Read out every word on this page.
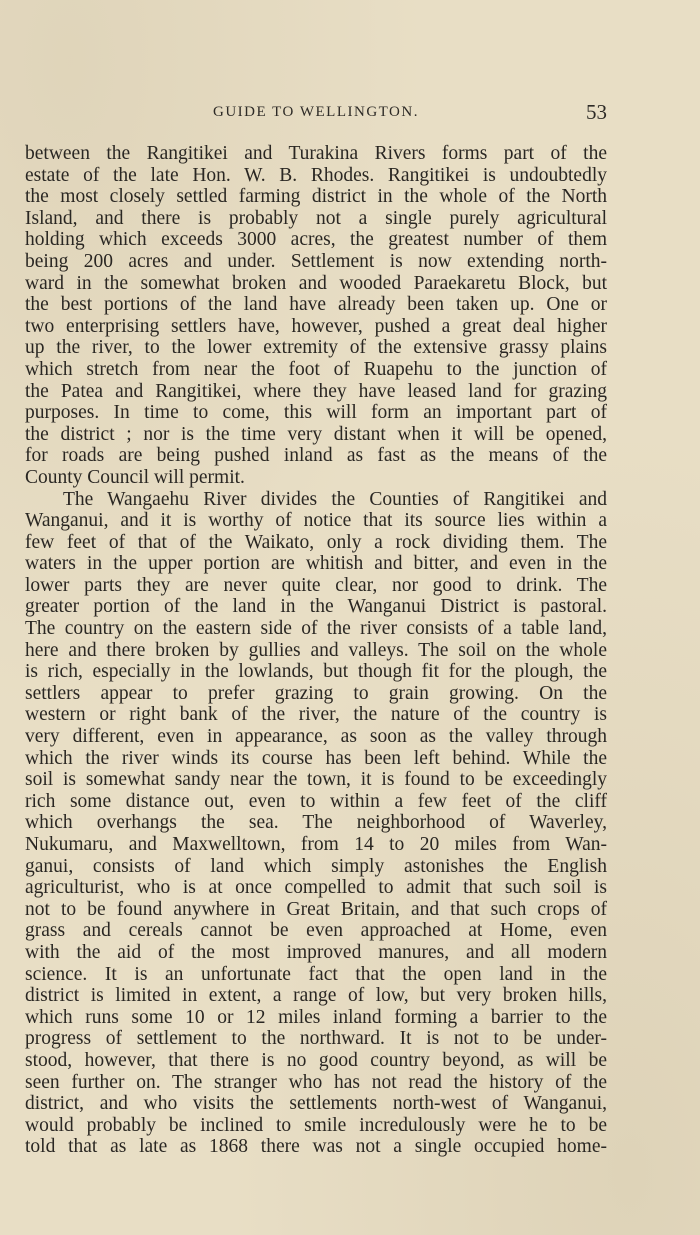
GUIDE TO WELLINGTON.	53
between the Rangitikei and Turakina Rivers forms part of the
estate of the late Hon. W. B. Rhodes. Rangitikei is undoubtedly
the most closely settled farming district in the whole of the North
Island, and there is probably not a single purely agricultural
holding which exceeds 3000 acres, the greatest number of them
being 200 acres and under. Settlement is now extending north-
ward in the somewhat broken and wooded Paraekaretu Block, but
the best portions of the land have already been taken up. One or
two enterprising settlers have, however, pushed a great deal higher
up the river, to the lower extremity of the extensive grassy plains
which stretch from near the foot of Ruapehu to the junction of
the Patea and Rangitikei, where they have leased land for grazing
purposes. In time to come, this will form an important part of
the district ; nor is the time very distant when it will be opened,
for roads are being pushed inland as fast as the means of the
County Council will permit.
The Wangaehu River divides the Counties of Rangitikei and
Wanganui, and it is worthy of notice that its source lies within a
few feet of that of the Waikato, only a rock dividing them. The
waters in the upper portion are whitish and bitter, and even in the
lower parts they are never quite clear, nor good to drink. The
greater portion of the land in the Wanganui District is pastoral.
The country on the eastern side of the river consists of a table land,
here and there broken by gullies and valleys. The soil on the whole
is rich, especially in the lowlands, but though fit for the plough, the
settlers appear to prefer grazing to grain growing. On the
western or right bank of the river, the nature of the country is
very different, even in appearance, as soon as the valley through
which the river winds its course has been left behind. While the
soil is somewhat sandy near the town, it is found to be exceedingly
rich some distance out, even to within a few feet of the cliff
which overhangs the sea. The neighborhood of Waverley,
Nukumaru, and Maxwelltown, from 14 to 20 miles from Wan-
ganui, consists of land which simply astonishes the English
agriculturist, who is at once compelled to admit that such soil is
not to be found anywhere in Great Britain, and that such crops of
grass and cereals cannot be even approached at Home, even
with the aid of the most improved manures, and all modern
science. It is an unfortunate fact that the open land in the
district is limited in extent, a range of low, but very broken hills,
which runs some 10 or 12 miles inland forming a barrier to the
progress of settlement to the northward. It is not to be under-
stood, however, that there is no good country beyond, as will be
seen further on. The stranger who has not read the history of the
district, and who visits the settlements north-west of Wanganui,
would probably be inclined to smile incredulously were he to be
told that as late as 1868 there was not a single occupied home-
